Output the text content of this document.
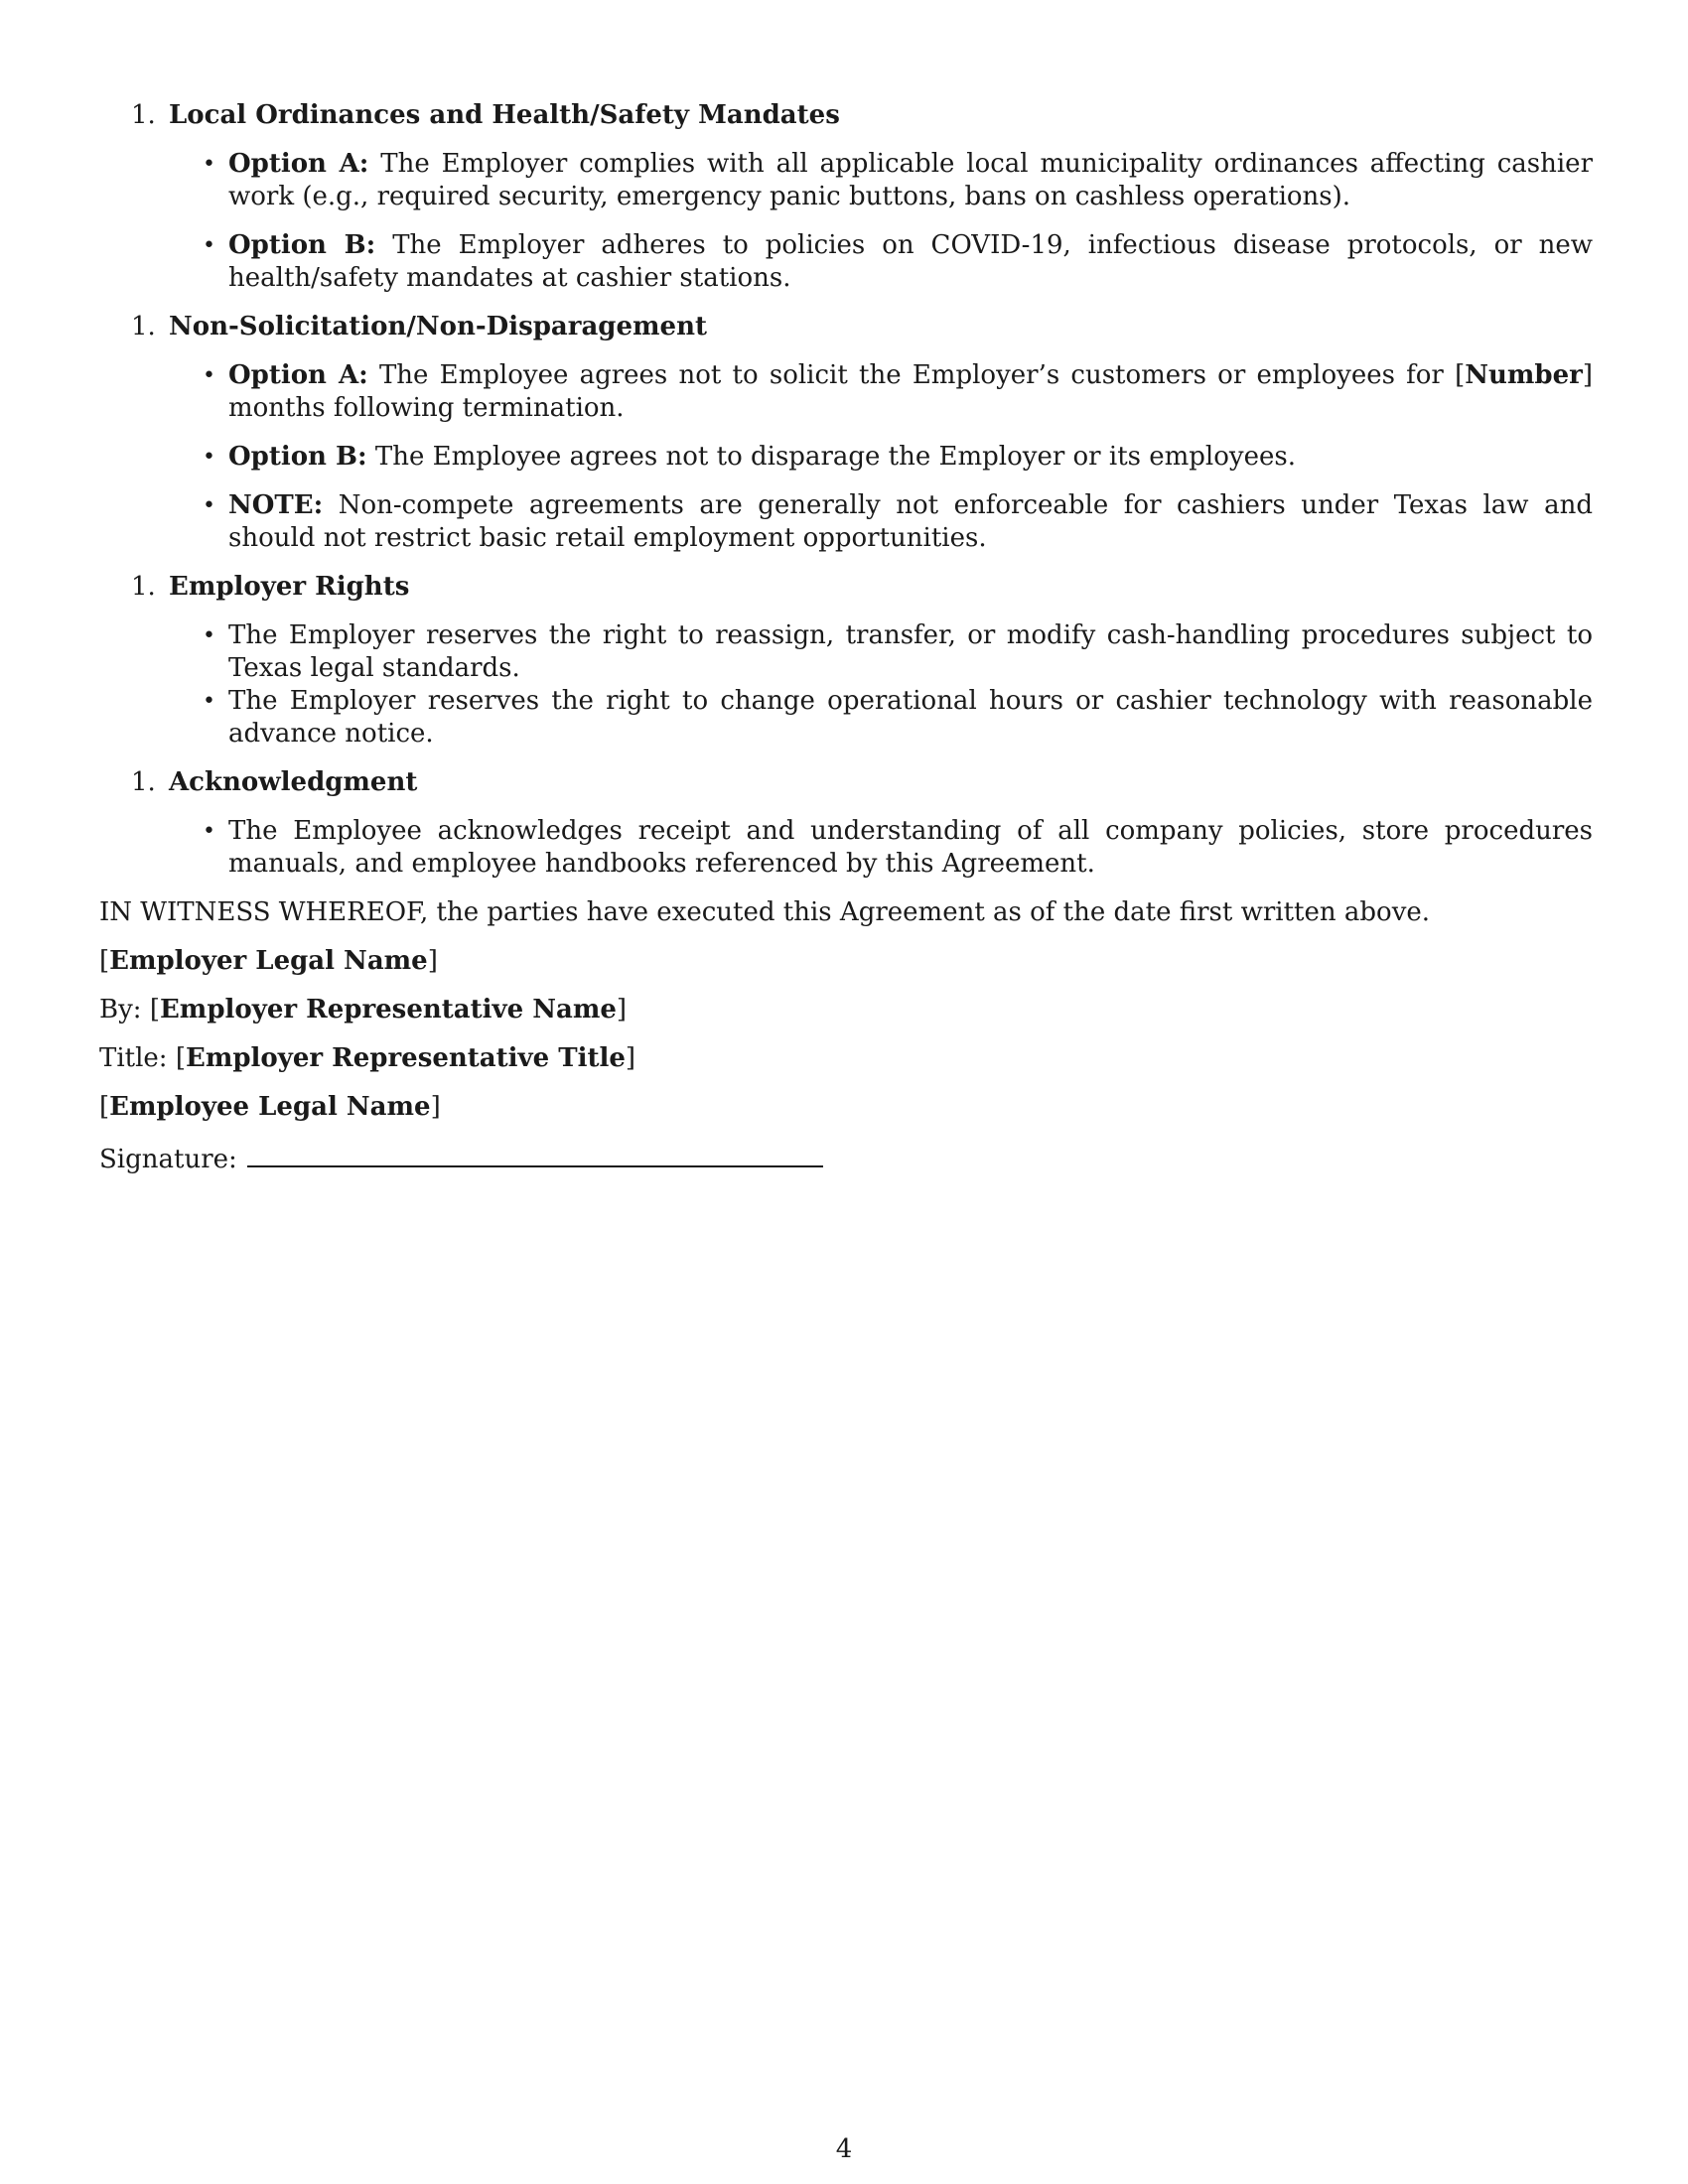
1. Local Ordinances and Health/Safety Mandates
• Option A: The Employer complies with all applicable local municipality ordinances affecting cashier work (e.g., required security, emergency panic buttons, bans on cashless operations).
• Option B: The Employer adheres to policies on COVID-19, infectious disease protocols, or new health/safety mandates at cashier stations.
1. Non-Solicitation/Non-Disparagement
• Option A: The Employee agrees not to solicit the Employer’s customers or employees for [Number] months following termination.
• Option B: The Employee agrees not to disparage the Employer or its employees.
• NOTE: Non-compete agreements are generally not enforceable for cashiers under Texas law and should not restrict basic retail employment opportunities.
1. Employer Rights
• The Employer reserves the right to reassign, transfer, or modify cash-handling procedures subject to Texas legal standards.
• The Employer reserves the right to change operational hours or cashier technology with reasonable advance notice.
1. Acknowledgment
• The Employee acknowledges receipt and understanding of all company policies, store procedures manuals, and employee handbooks referenced by this Agreement.

IN WITNESS WHEREOF, the parties have executed this Agreement as of the date first written above.

[Employer Legal Name]

By: [Employer Representative Name]

Title: [Employer Representative Title]

[Employee Legal Name]

Signature:

4
